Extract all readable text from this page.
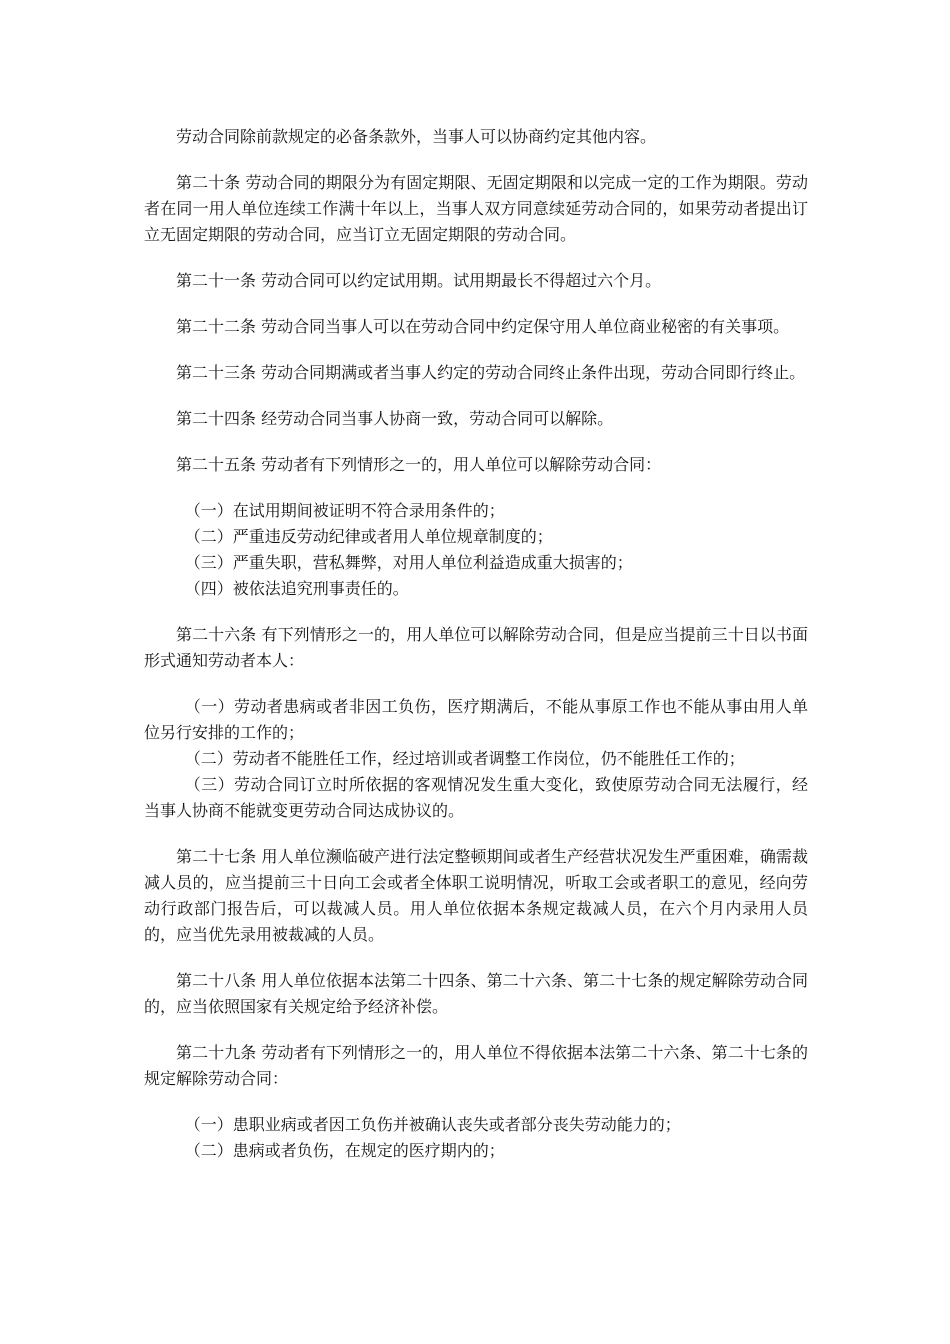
劳动合同除前款规定的必备条款外，当事人可以协商约定其他内容。

第二十条 劳动合同的期限分为有固定期限、无固定期限和以完成一定的工作为期限。劳动者在同一用人单位连续工作满十年以上，当事人双方同意续延劳动合同的，如果劳动者提出订立无固定期限的劳动合同，应当订立无固定期限的劳动合同。

第二十一条 劳动合同可以约定试用期。试用期最长不得超过六个月。

第二十二条 劳动合同当事人可以在劳动合同中约定保守用人单位商业秘密的有关事项。

第二十三条 劳动合同期满或者当事人约定的劳动合同终止条件出现，劳动合同即行终止。

第二十四条 经劳动合同当事人协商一致，劳动合同可以解除。

第二十五条 劳动者有下列情形之一的，用人单位可以解除劳动合同：

（一）在试用期间被证明不符合录用条件的；

（二）严重违反劳动纪律或者用人单位规章制度的；

（三）严重失职，营私舞弊，对用人单位利益造成重大损害的；

（四）被依法追究刑事责任的。

第二十六条 有下列情形之一的，用人单位可以解除劳动合同，但是应当提前三十日以书面形式通知劳动者本人：

（一）劳动者患病或者非因工负伤，医疗期满后，不能从事原工作也不能从事由用人单位另行安排的工作的；

（二）劳动者不能胜任工作，经过培训或者调整工作岗位，仍不能胜任工作的；

（三）劳动合同订立时所依据的客观情况发生重大变化，致使原劳动合同无法履行，经当事人协商不能就变更劳动合同达成协议的。

第二十七条 用人单位濒临破产进行法定整顿期间或者生产经营状况发生严重困难，确需裁减人员的，应当提前三十日向工会或者全体职工说明情况，听取工会或者职工的意见，经向劳动行政部门报告后，可以裁减人员。用人单位依据本条规定裁减人员，在六个月内录用人员的，应当优先录用被裁减的人员。

第二十八条 用人单位依据本法第二十四条、第二十六条、第二十七条的规定解除劳动合同的，应当依照国家有关规定给予经济补偿。

第二十九条 劳动者有下列情形之一的，用人单位不得依据本法第二十六条、第二十七条的规定解除劳动合同：

（一）患职业病或者因工负伤并被确认丧失或者部分丧失劳动能力的；

（二）患病或者负伤，在规定的医疗期内的；
